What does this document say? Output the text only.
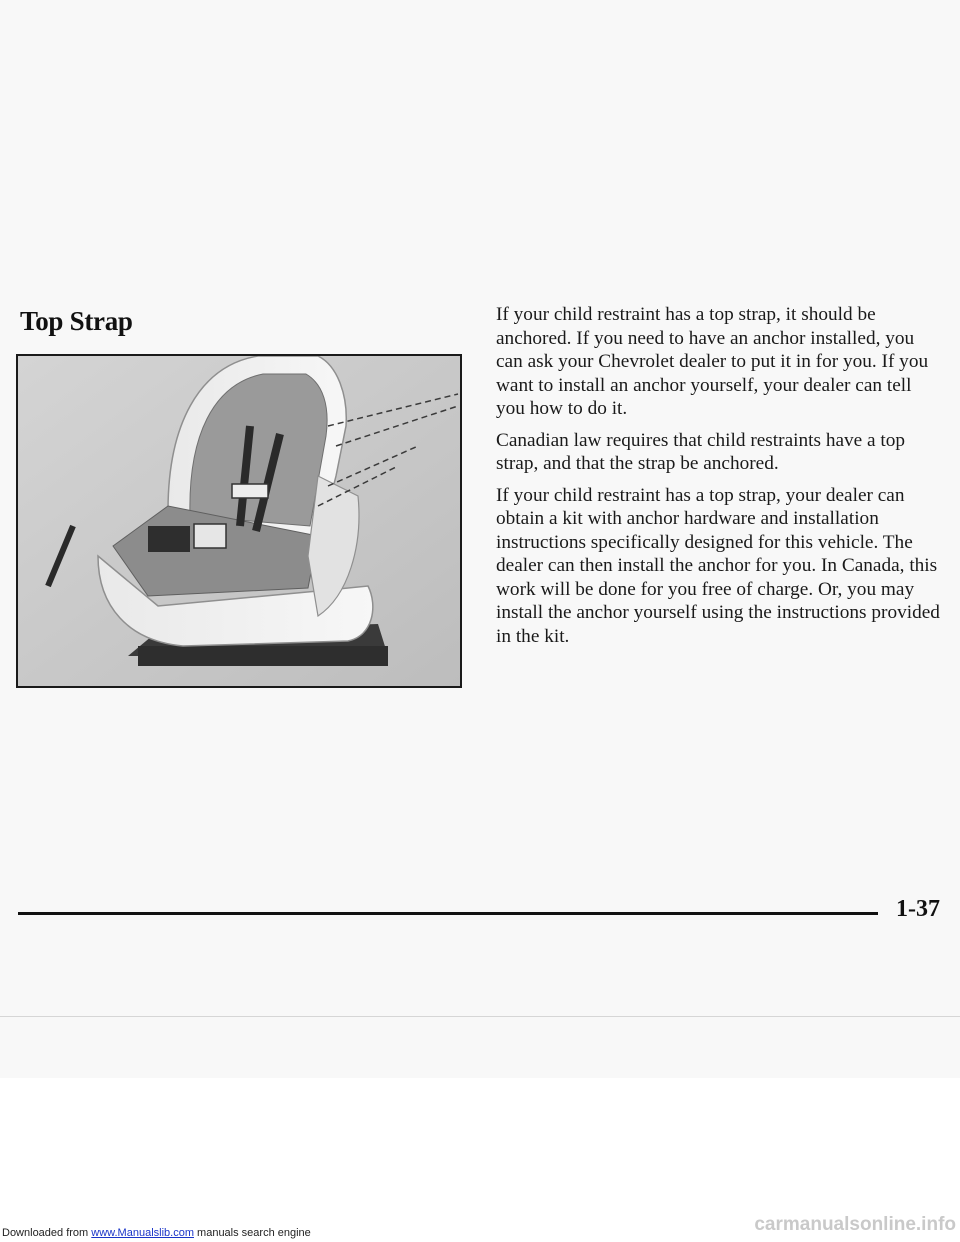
Top Strap	If your child restraint has a top strap, it should be anchored. If you need to have an anchor installed, you can ask your Chevrolet dealer to put it in for you. If you want to install an anchor yourself, your dealer can tell you how to do it.

Canadian law requires that child restraints have a top strap, and that the strap be anchored.

If your child restraint has a top strap, your dealer can obtain a kit with anchor hardware and installation instructions specifically designed for this vehicle. The dealer can then install the anchor for you. In Canada, this work will be done for you free of charge. Or, you may install the anchor yourself using the instructions provided in the kit.

1-37
Downloaded from www.Manualslib.com manuals search engine	carmanualsonline.info
